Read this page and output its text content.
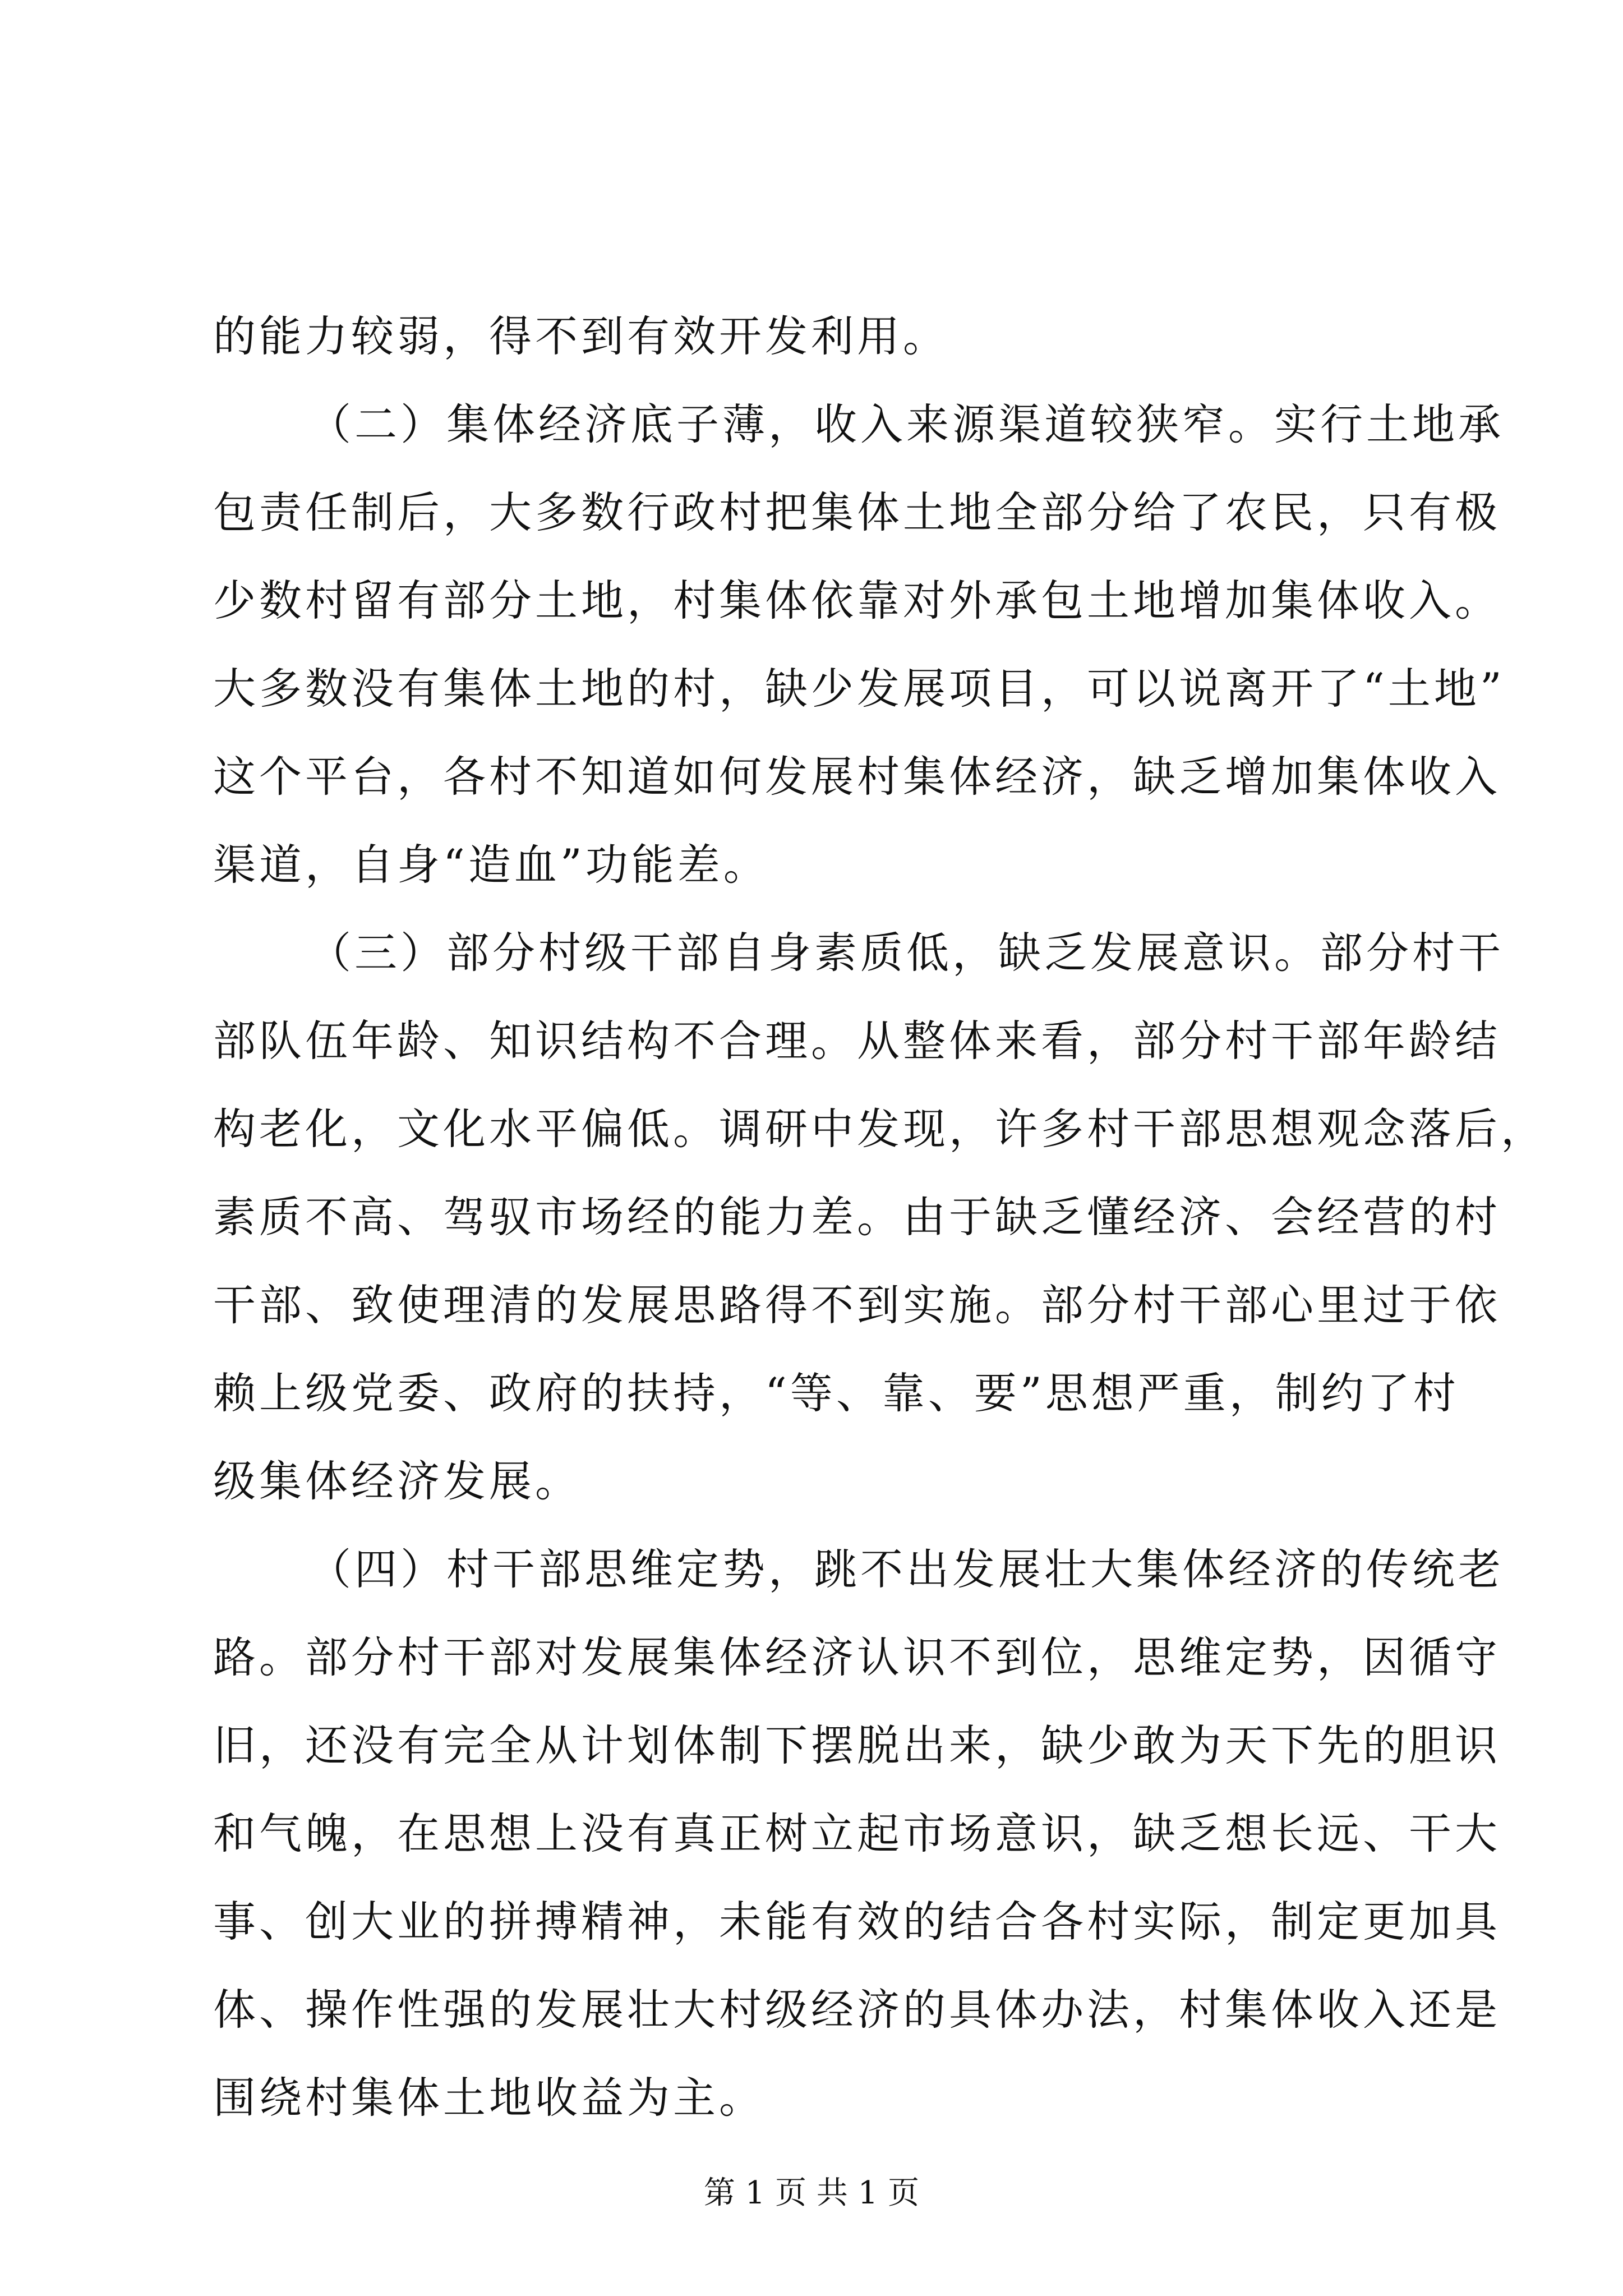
的能力较弱，得不到有效开发利用。
（二）集体经济底子薄，收入来源渠道较狭窄。实行土地承
包责任制后，大多数行政村把集体土地全部分给了农民，只有极
少数村留有部分土地，村集体依靠对外承包土地增加集体收入。
大多数没有集体土地的村，缺少发展项目，可以说离开了“土地”
这个平台，各村不知道如何发展村集体经济，缺乏增加集体收入
渠道，自身“造血”功能差。
（三）部分村级干部自身素质低，缺乏发展意识。部分村干
部队伍年龄、知识结构不合理。从整体来看，部分村干部年龄结
构老化，文化水平偏低。调研中发现，许多村干部思想观念落后，
素质不高、驾驭市场经的能力差。由于缺乏懂经济、会经营的村
干部、致使理清的发展思路得不到实施。部分村干部心里过于依
赖上级党委、政府的扶持，“等、靠、要”思想严重，制约了村
级集体经济发展。
（四）村干部思维定势，跳不出发展壮大集体经济的传统老
路。部分村干部对发展集体经济认识不到位，思维定势，因循守
旧，还没有完全从计划体制下摆脱出来，缺少敢为天下先的胆识
和气魄，在思想上没有真正树立起市场意识，缺乏想长远、干大
事、创大业的拼搏精神，未能有效的结合各村实际，制定更加具
体、操作性强的发展壮大村级经济的具体办法，村集体收入还是
围绕村集体土地收益为主。
第 1 页 共 1 页
